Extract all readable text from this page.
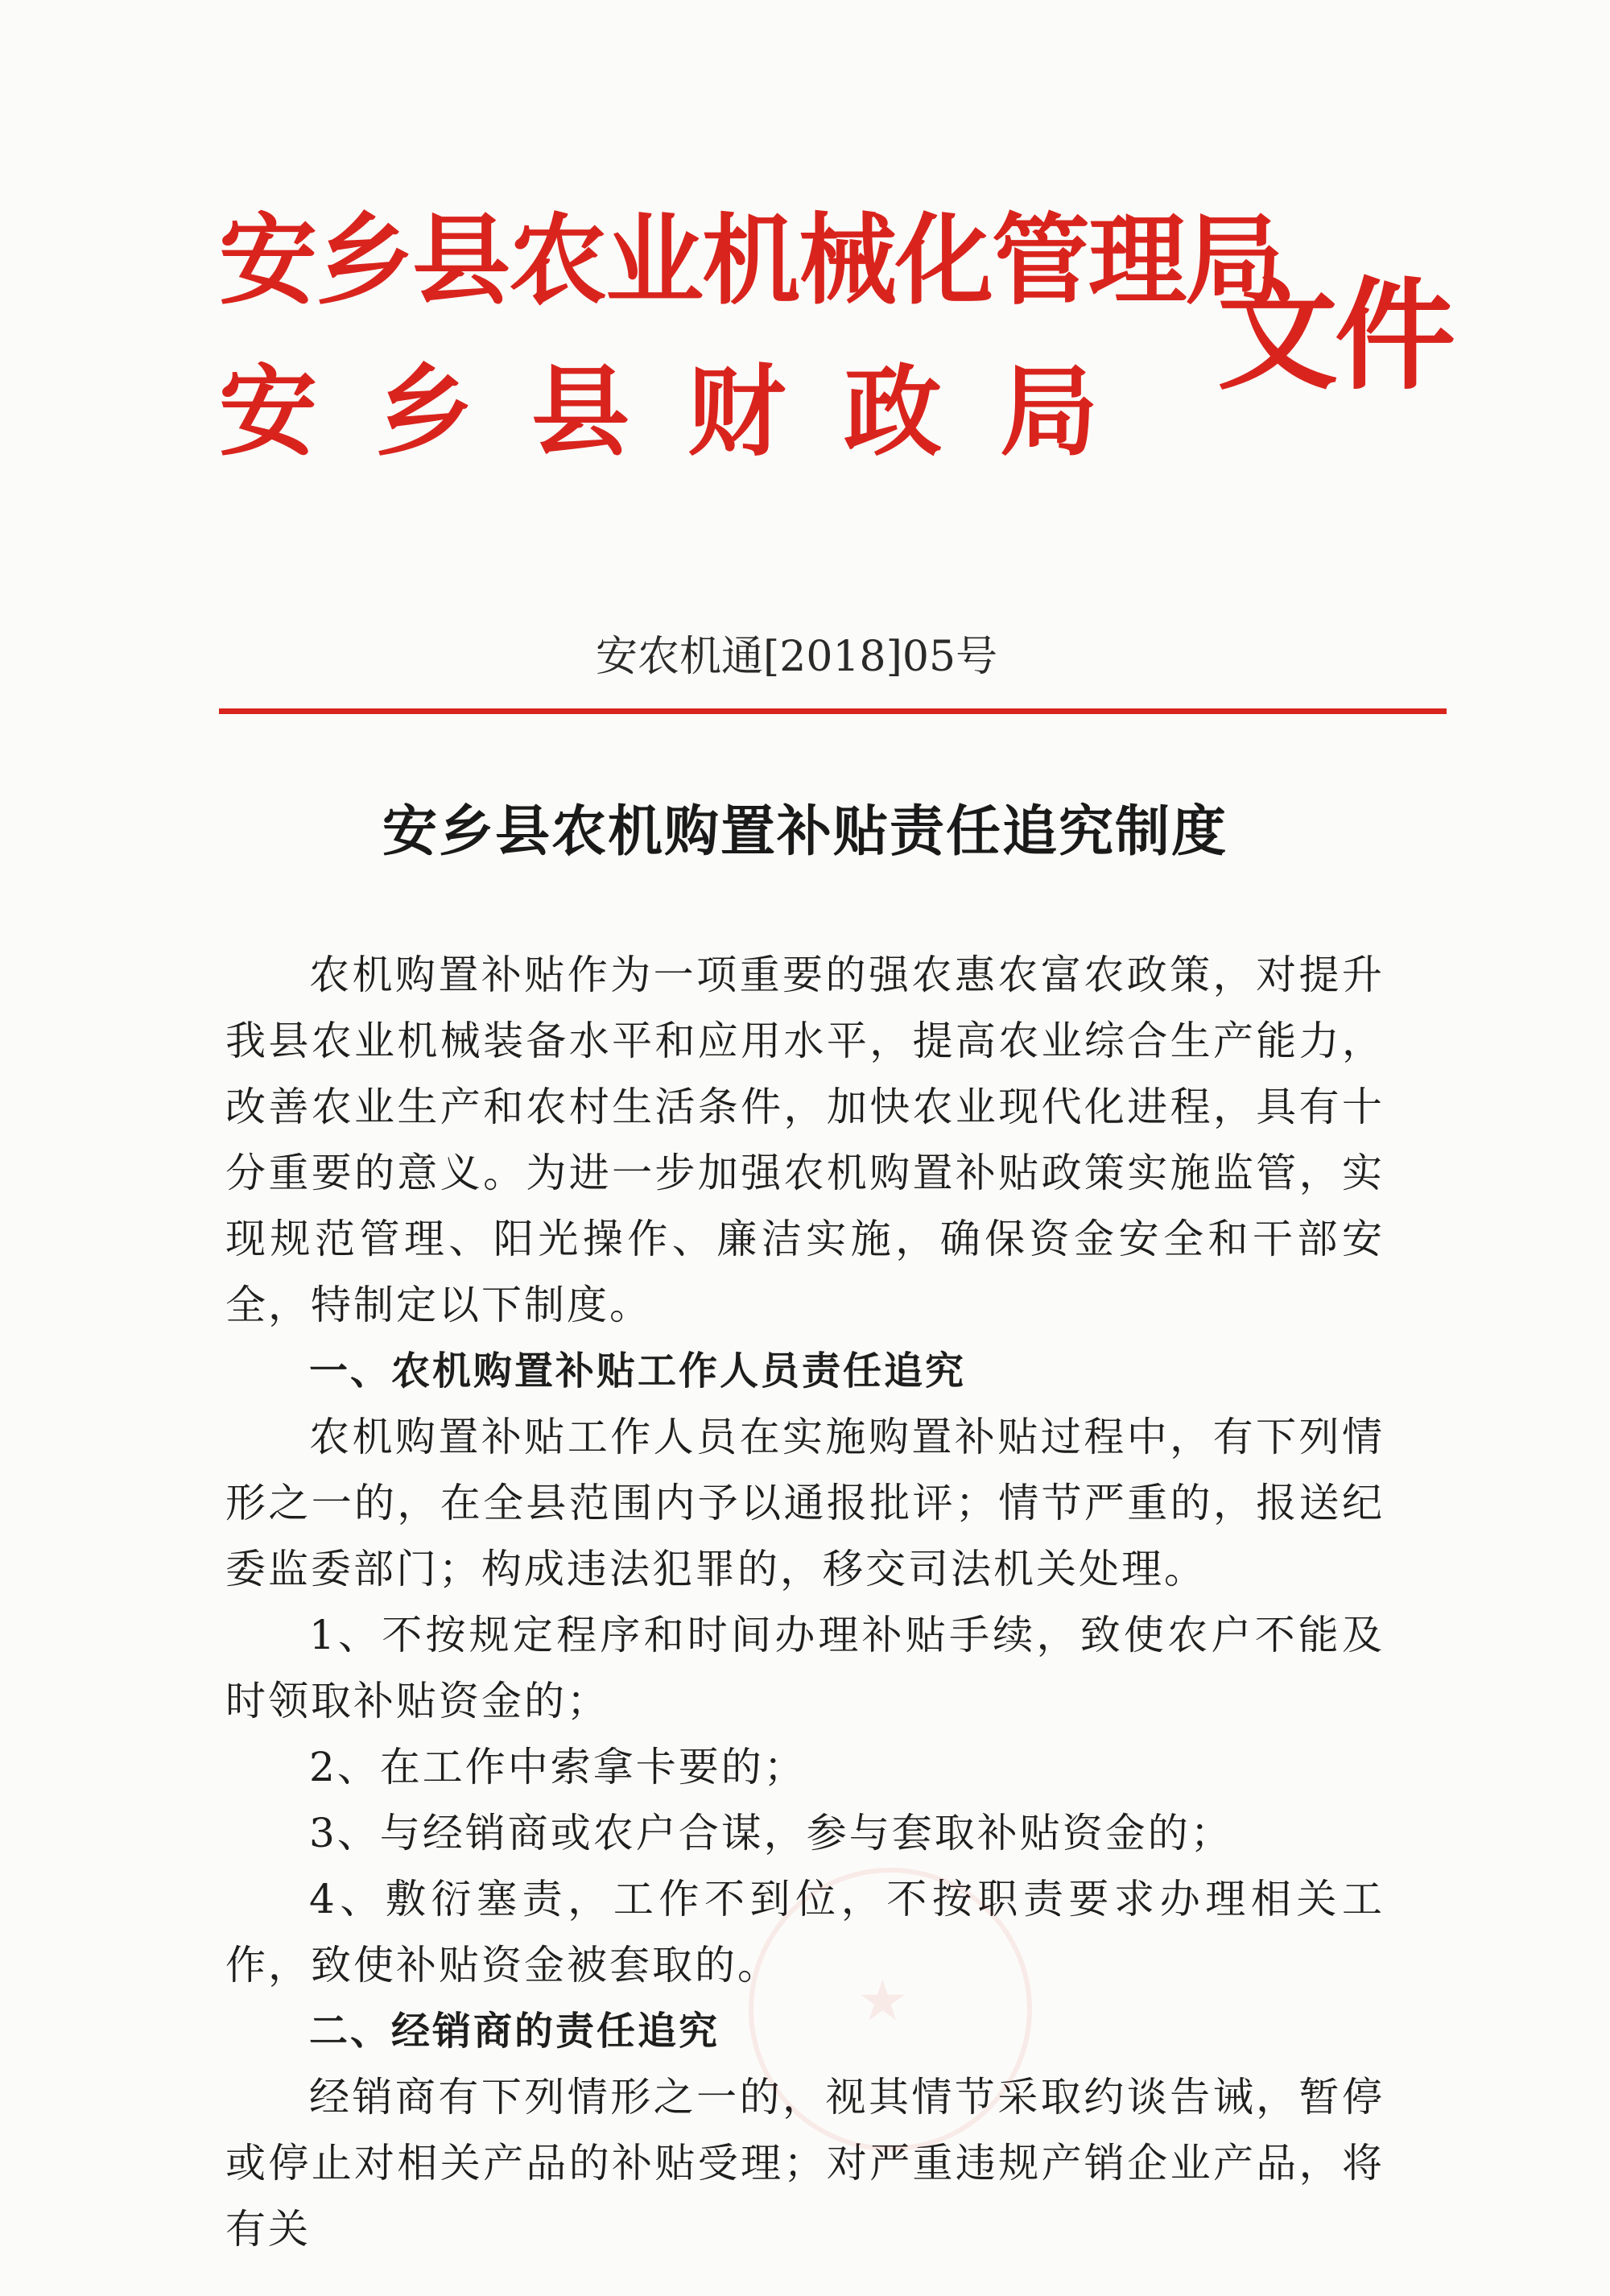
安乡县农业机械化管理局
安乡县财政局
文件
安农机通[2018]05号
安乡县农机购置补贴责任追究制度

农机购置补贴作为一项重要的强农惠农富农政策，对提升我县农业机械装备水平和应用水平，提高农业综合生产能力，改善农业生产和农村生活条件，加快农业现代化进程，具有十分重要的意义。为进一步加强农机购置补贴政策实施监管，实现规范管理、阳光操作、廉洁实施，确保资金安全和干部安全，特制定以下制度。

一、农机购置补贴工作人员责任追究

农机购置补贴工作人员在实施购置补贴过程中，有下列情形之一的，在全县范围内予以通报批评；情节严重的，报送纪委监委部门；构成违法犯罪的，移交司法机关处理。

1、不按规定程序和时间办理补贴手续，致使农户不能及时领取补贴资金的；

2、在工作中索拿卡要的；

3、与经销商或农户合谋，参与套取补贴资金的；

4、敷衍塞责，工作不到位，不按职责要求办理相关工作，致使补贴资金被套取的。

二、经销商的责任追究

经销商有下列情形之一的，视其情节采取约谈告诫，暂停或停止对相关产品的补贴受理；对严重违规产销企业产品，将有关

★
